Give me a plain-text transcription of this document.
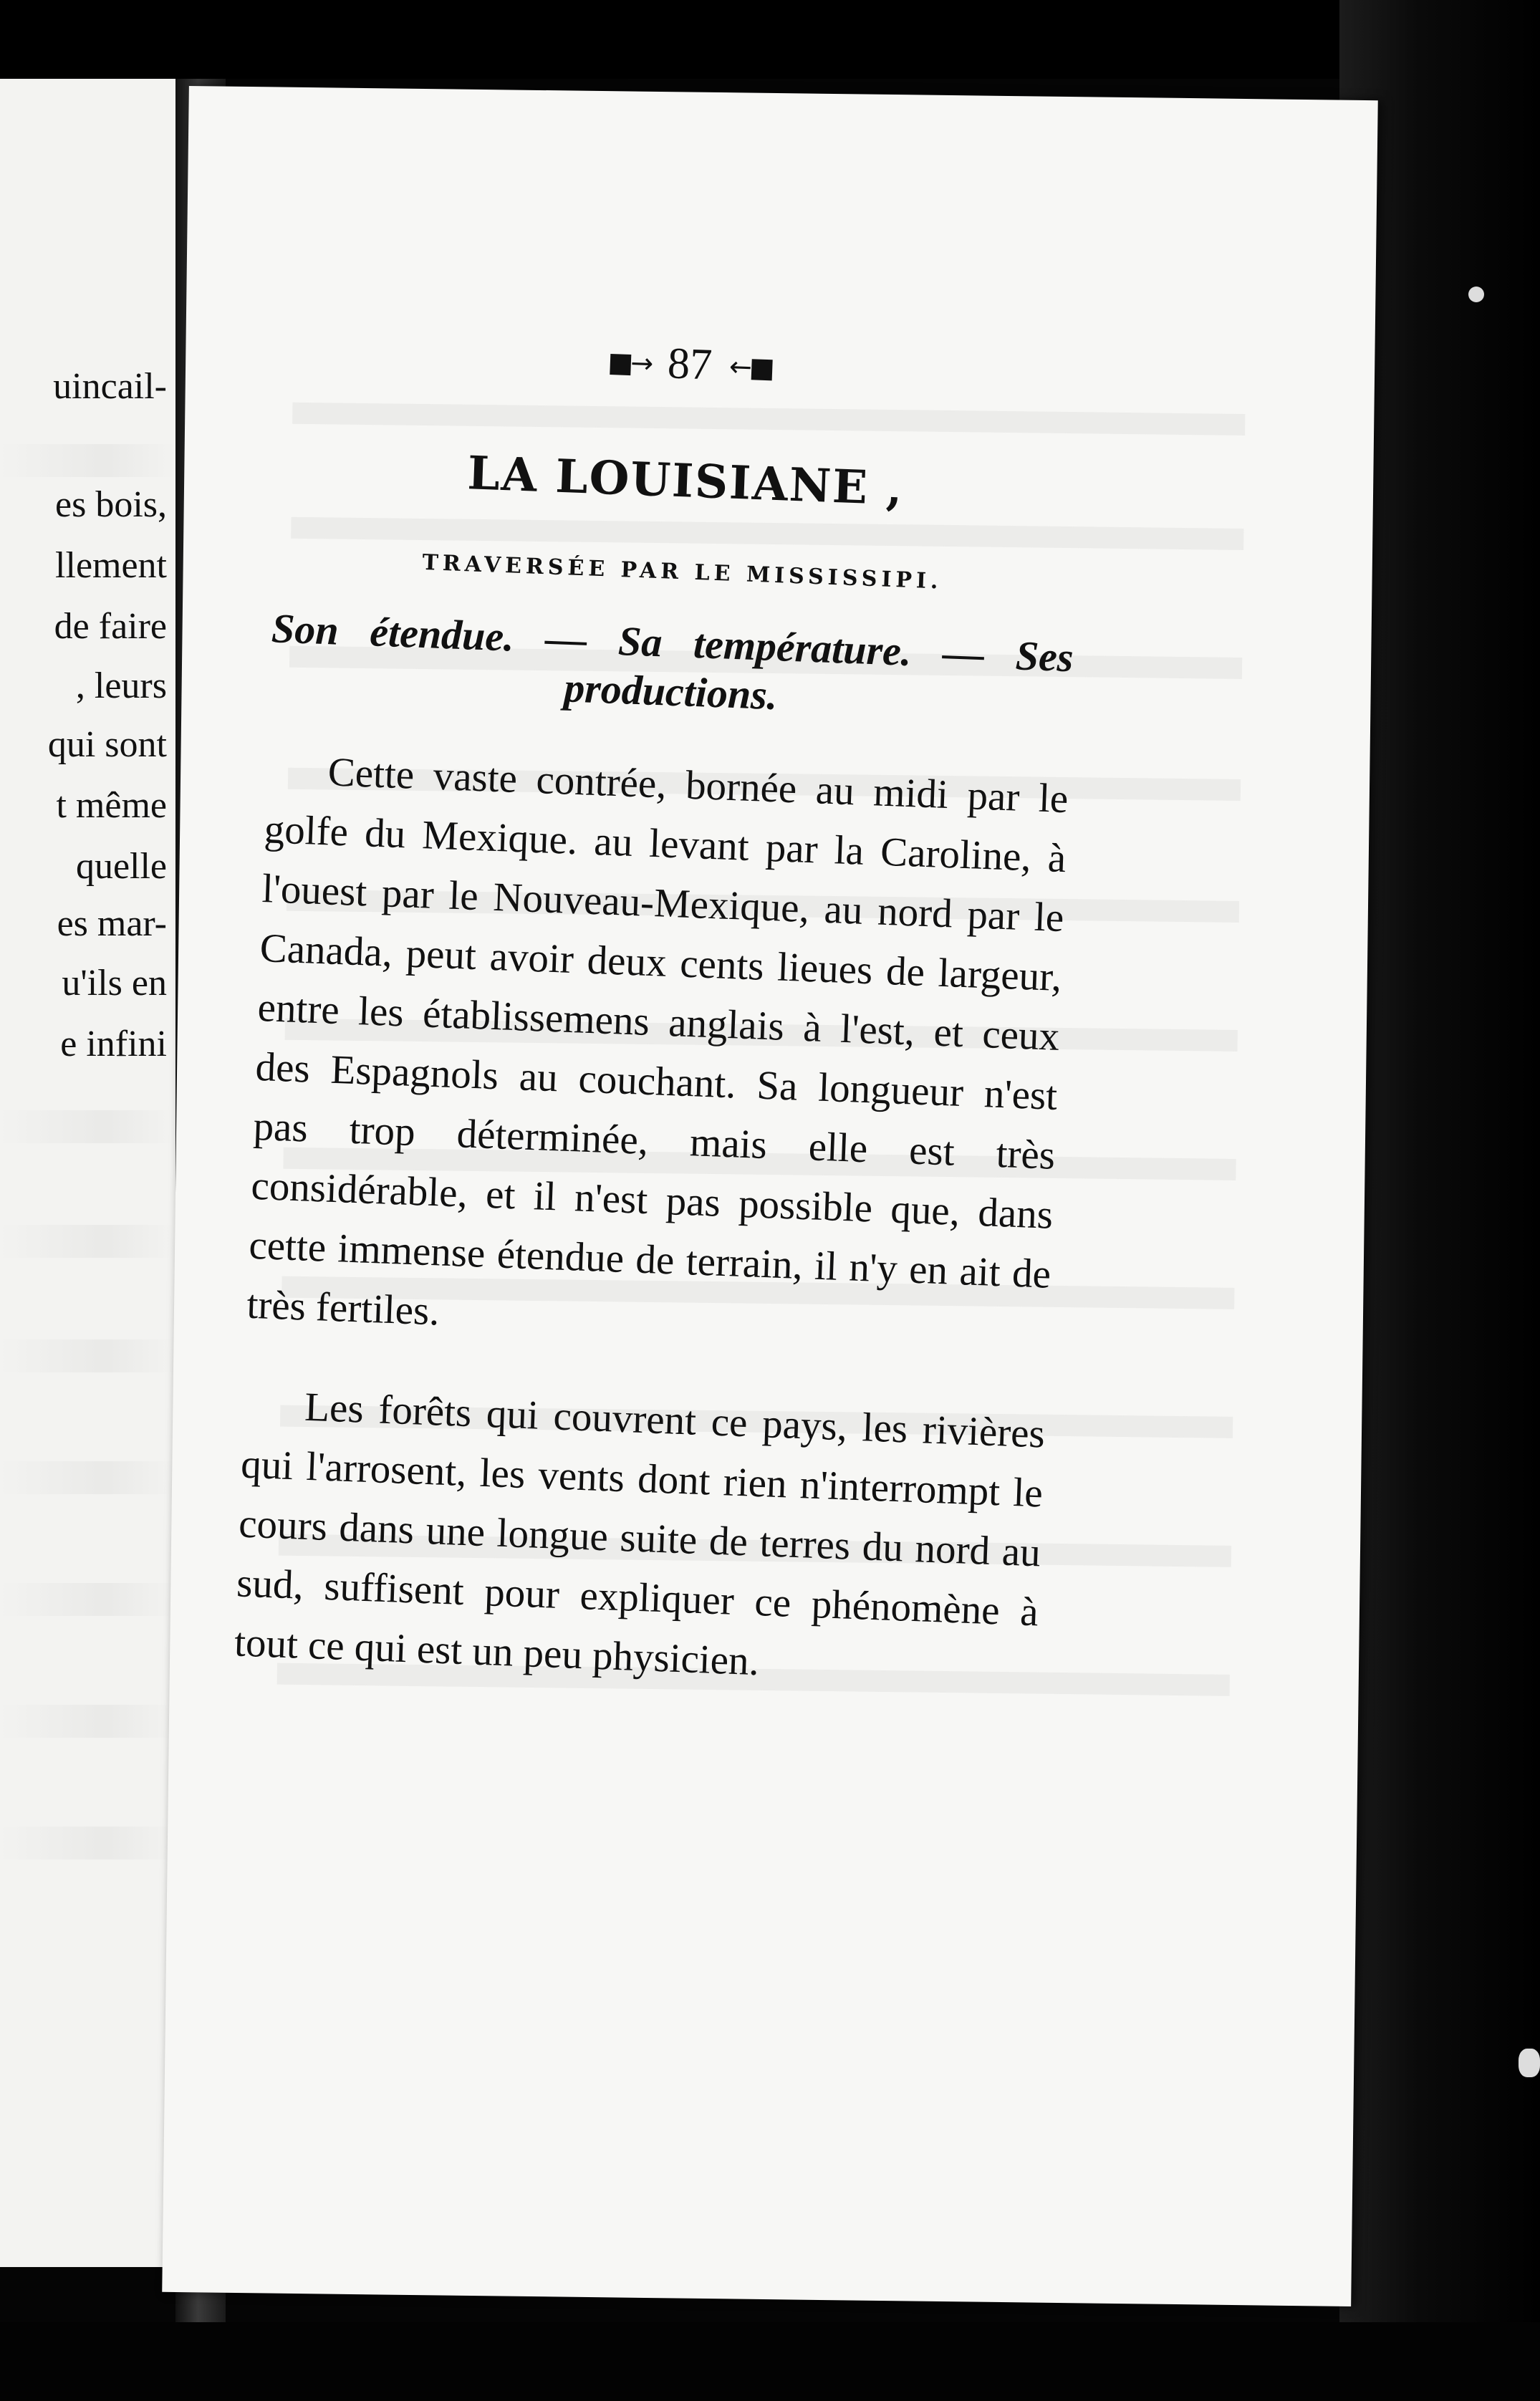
uincail-
es bois,
llement
de faire
, leurs
qui sont
t même
quelle
es mar-
u'ils en
e infini
■→ 87 ←■
LA LOUISIANE ,
TRAVERSÉE PAR LE MISSISSIPI.
Son étendue. — Sa température. — Ses productions.

Cette vaste contrée, bornée au midi par le golfe du Mexique. au levant par la Caroline, à l'ouest par le Nouveau-Mexique, au nord par le Canada, peut avoir deux cents lieues de largeur, entre les établissemens anglais à l'est, et ceux des Espagnols au couchant. Sa longueur n'est pas trop déterminée, mais elle est très considérable, et il n'est pas possible que, dans cette immense étendue de terrain, il n'y en ait de très fertiles.

Les forêts qui couvrent ce pays, les rivières qui l'arrosent, les vents dont rien n'interrompt le cours dans une longue suite de terres du nord au sud, suffisent pour expliquer ce phénomène à tout ce qui est un peu physicien.
